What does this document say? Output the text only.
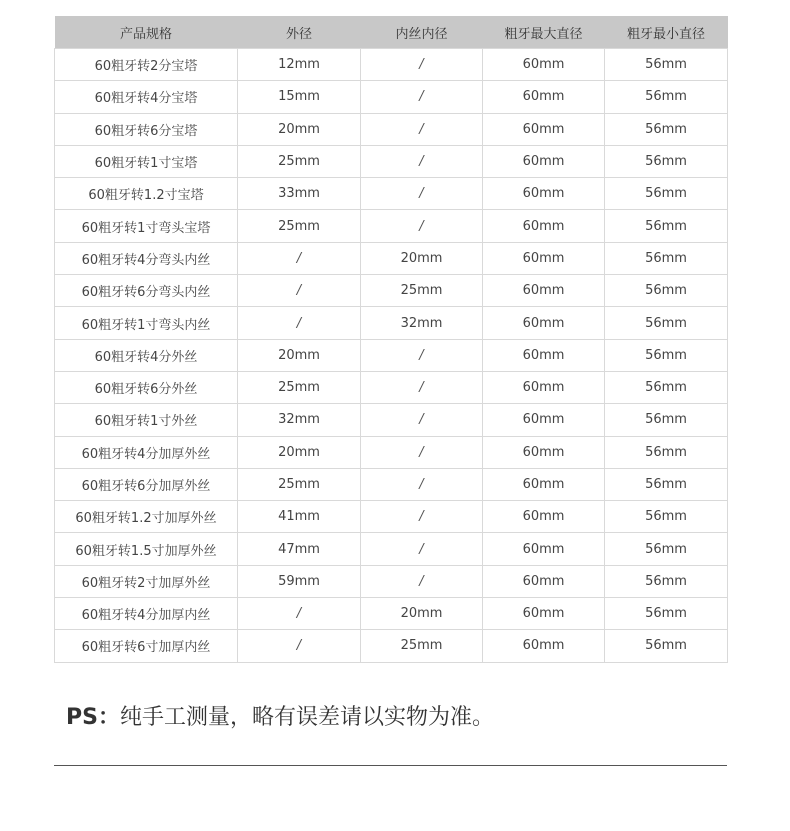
产品规格	外径	内丝内径	粗牙最大直径	粗牙最小直径
60粗牙转2分宝塔	12mm	/	60mm	56mm
60粗牙转4分宝塔	15mm	/	60mm	56mm
60粗牙转6分宝塔	20mm	/	60mm	56mm
60粗牙转1寸宝塔	25mm	/	60mm	56mm
60粗牙转1.2寸宝塔	33mm	/	60mm	56mm
60粗牙转1寸弯头宝塔	25mm	/	60mm	56mm
60粗牙转4分弯头内丝	/	20mm	60mm	56mm
60粗牙转6分弯头内丝	/	25mm	60mm	56mm
60粗牙转1寸弯头内丝	/	32mm	60mm	56mm
60粗牙转4分外丝	20mm	/	60mm	56mm
60粗牙转6分外丝	25mm	/	60mm	56mm
60粗牙转1寸外丝	32mm	/	60mm	56mm
60粗牙转4分加厚外丝	20mm	/	60mm	56mm
60粗牙转6分加厚外丝	25mm	/	60mm	56mm
60粗牙转1.2寸加厚外丝	41mm	/	60mm	56mm
60粗牙转1.5寸加厚外丝	47mm	/	60mm	56mm
60粗牙转2寸加厚外丝	59mm	/	60mm	56mm
60粗牙转4分加厚内丝	/	20mm	60mm	56mm
60粗牙转6寸加厚内丝	/	25mm	60mm	56mm
PS：纯手工测量，略有误差请以实物为准。
